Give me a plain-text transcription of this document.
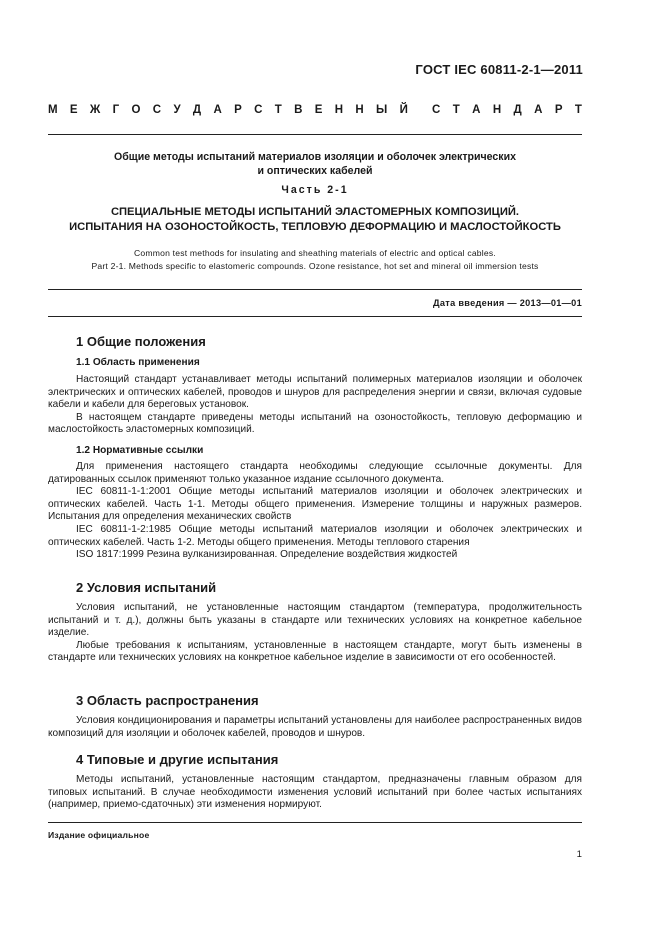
ГОСТ IEC 60811-2-1—2011
М Е Ж Г О С У Д А Р С Т В Е Н Н Ы Й С Т А Н Д А Р Т
Общие методы испытаний материалов изоляции и оболочек электрических
и оптических кабелей
Часть 2-1
СПЕЦИАЛЬНЫЕ МЕТОДЫ ИСПЫТАНИЙ ЭЛАСТОМЕРНЫХ КОМПОЗИЦИЙ.
ИСПЫТАНИЯ НА ОЗОНОСТОЙКОСТЬ, ТЕПЛОВУЮ ДЕФОРМАЦИЮ И МАСЛОСТОЙКОСТЬ
Common test methods for insulating and sheathing materials of electric and optical cables.
Part 2-1. Methods specific to elastomeric compounds. Ozone resistance, hot set and mineral oil immersion tests
Дата введения — 2013—01—01
1 Общие положения
1.1 Область применения

Настоящий стандарт устанавливает методы испытаний полимерных материалов изоляции и оболочек электрических и оптических кабелей, проводов и шнуров для распределения энергии и связи, включая судовые кабели и кабели для береговых установок.

В настоящем стандарте приведены методы испытаний на озоностойкость, тепловую деформацию и маслостойкость эластомерных композиций.

1.2 Нормативные ссылки

Для применения настоящего стандарта необходимы следующие ссылочные документы. Для датированных ссылок применяют только указанное издание ссылочного документа.

IEC 60811-1-1:2001 Общие методы испытаний материалов изоляции и оболочек электрических и оптических кабелей. Часть 1-1. Методы общего применения. Измерение толщины и наружных размеров. Испытания для определения механических свойств

IEC 60811-1-2:1985 Общие методы испытаний материалов изоляции и оболочек электрических и оптических кабелей. Часть 1-2. Методы общего применения. Методы теплового старения

ISO 1817:1999 Резина вулканизированная. Определение воздействия жидкостей

2 Условия испытаний

Условия испытаний, не установленные настоящим стандартом (температура, продолжительность испытаний и т. д.), должны быть указаны в стандарте или технических условиях на конкретное кабельное изделие.

Любые требования к испытаниям, установленные в настоящем стандарте, могут быть изменены в стандарте или технических условиях на конкретное кабельное изделие в зависимости от его особенностей.

3 Область распространения

Условия кондиционирования и параметры испытаний установлены для наиболее распространенных видов композиций для изоляции и оболочек кабелей, проводов и шнуров.

4 Типовые и другие испытания

Методы испытаний, установленные настоящим стандартом, предназначены главным образом для типовых испытаний. В случае необходимости изменения условий испытаний при более частых испытаниях (например, приемо-сдаточных) эти изменения нормируют.

Издание официальное
1
